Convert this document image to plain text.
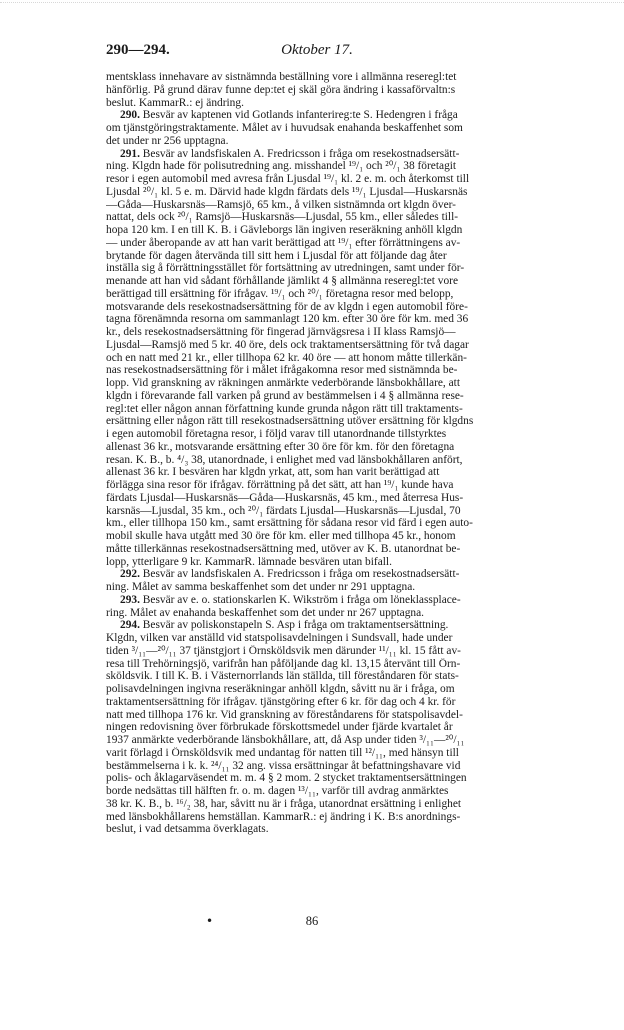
290—294.	Oktober 17.
mentsklass innehavare av sistnämnda beställning vore i allmänna reseregl:tet
hänförlig. På grund därav funne dep:tet ej skäl göra ändring i kassaförvaltn:s
beslut. KammarR.: ej ändring.
290. Besvär av kaptenen vid Gotlands infanterireg:te S. Hedengren i fråga
om tjänstgöringstraktamente. Målet av i huvudsak enahanda beskaffenhet som
det under nr 256 upptagna.
291. Besvär av landsfiskalen A. Fredricsson i fråga om resekostnadsersätt-
ning. Klgdn hade för polisutredning ang. misshandel ¹⁹/₁ och ²⁰/₁ 38 företagit
resor i egen automobil med avresa från Ljusdal ¹⁹/₁ kl. 2 e. m. och återkomst till
Ljusdal ²⁰/₁ kl. 5 e. m. Därvid hade klgdn färdats dels ¹⁹/₁ Ljusdal—Huskarsnäs
—Gåda—Huskarsnäs—Ramsjö, 65 km., å vilken sistnämnda ort klgdn över-
nattat, dels ock ²⁰/₁ Ramsjö—Huskarsnäs—Ljusdal, 55 km., eller således till-
hopa 120 km. I en till K. B. i Gävleborgs län ingiven reseräkning anhöll klgdn
— under åberopande av att han varit berättigad att ¹⁹/₁ efter förrättningens av-
brytande för dagen återvända till sitt hem i Ljusdal för att följande dag åter
inställa sig å förrättningsstället för fortsättning av utredningen, samt under för-
menande att han vid sådant förhållande jämlikt 4 § allmänna reseregl:tet vore
berättigad till ersättning för ifrågav. ¹⁹/₁ och ²⁰/₁ företagna resor med belopp,
motsvarande dels resekostnadsersättning för de av klgdn i egen automobil före-
tagna förenämnda resorna om sammanlagt 120 km. efter 30 öre för km. med 36
kr., dels resekostnadsersättning för fingerad järnvägsresa i II klass Ramsjö—
Ljusdal—Ramsjö med 5 kr. 40 öre, dels ock traktamentsersättning för två dagar
och en natt med 21 kr., eller tillhopa 62 kr. 40 öre — att honom måtte tillerkän-
nas resekostnadsersättning för i målet ifrågakomna resor med sistnämnda be-
lopp. Vid granskning av räkningen anmärkte vederbörande länsbokhållare, att
klgdn i förevarande fall varken på grund av bestämmelsen i 4 § allmänna rese-
regl:tet eller någon annan författning kunde grunda någon rätt till traktaments-
ersättning eller någon rätt till resekostnadsersättning utöver ersättning för klgdns
i egen automobil företagna resor, i följd varav till utanordnande tillstyrktes
allenast 36 kr., motsvarande ersättning efter 30 öre för km. för den företagna
resan. K. B., b. ⁴/₃ 38, utanordnade, i enlighet med vad länsbokhållaren anfört,
allenast 36 kr. I besvären har klgdn yrkat, att, som han varit berättigad att
förlägga sina resor för ifrågav. förrättning på det sätt, att han ¹⁹/₁ kunde hava
färdats Ljusdal—Huskarsnäs—Gåda—Huskarsnäs, 45 km., med återresa Hus-
karsnäs—Ljusdal, 35 km., och ²⁰/₁ färdats Ljusdal—Huskarsnäs—Ljusdal, 70
km., eller tillhopa 150 km., samt ersättning för sådana resor vid färd i egen auto-
mobil skulle hava utgått med 30 öre för km. eller med tillhopa 45 kr., honom
måtte tillerkännas resekostnadsersättning med, utöver av K. B. utanordnat be-
lopp, ytterligare 9 kr. KammarR. lämnade besvären utan bifall.
292. Besvär av landsfiskalen A. Fredricsson i fråga om resekostnadsersätt-
ning. Målet av samma beskaffenhet som det under nr 291 upptagna.
293. Besvär av e. o. stationskarlen K. Wikström i fråga om löneklassplace-
ring. Målet av enahanda beskaffenhet som det under nr 267 upptagna.
294. Besvär av poliskonstapeln S. Asp i fråga om traktamentsersättning.
Klgdn, vilken var anställd vid statspolisavdelningen i Sundsvall, hade under
tiden ³/₁₁—²⁰/₁₁ 37 tjänstgjort i Örnsköldsvik men därunder ¹¹/₁₁ kl. 15 fått av-
resa till Trehörningsjö, varifrån han påföljande dag kl. 13,15 återvänt till Örn-
sköldsvik. I till K. B. i Västernorrlands län ställda, till föreståndaren för stats-
polisavdelningen ingivna reseräkningar anhöll klgdn, såvitt nu är i fråga, om
traktamentsersättning för ifrågav. tjänstgöring efter 6 kr. för dag och 4 kr. för
natt med tillhopa 176 kr. Vid granskning av föreståndarens för statspolisavdel-
ningen redovisning över förbrukade förskottsmedel under fjärde kvartalet år
1937 anmärkte vederbörande länsbokhållare, att, då Asp under tiden ³/₁₁—²⁰/₁₁
varit förlagd i Örnsköldsvik med undantag för natten till ¹²/₁₁, med hänsyn till
bestämmelserna i k. k. ²⁴/₁₁ 32 ang. vissa ersättningar åt befattningshavare vid
polis- och åklagarväsendet m. m. 4 § 2 mom. 2 stycket traktamentsersättningen
borde nedsättas till hälften fr. o. m. dagen ¹³/₁₁, varför till avdrag anmärktes
38 kr. K. B., b. ¹⁶/₂ 38, har, såvitt nu är i fråga, utanordnat ersättning i enlighet
med länsbokhållarens hemställan. KammarR.: ej ändring i K. B:s anordnings-
beslut, i vad detsamma överklagats.
•	86
